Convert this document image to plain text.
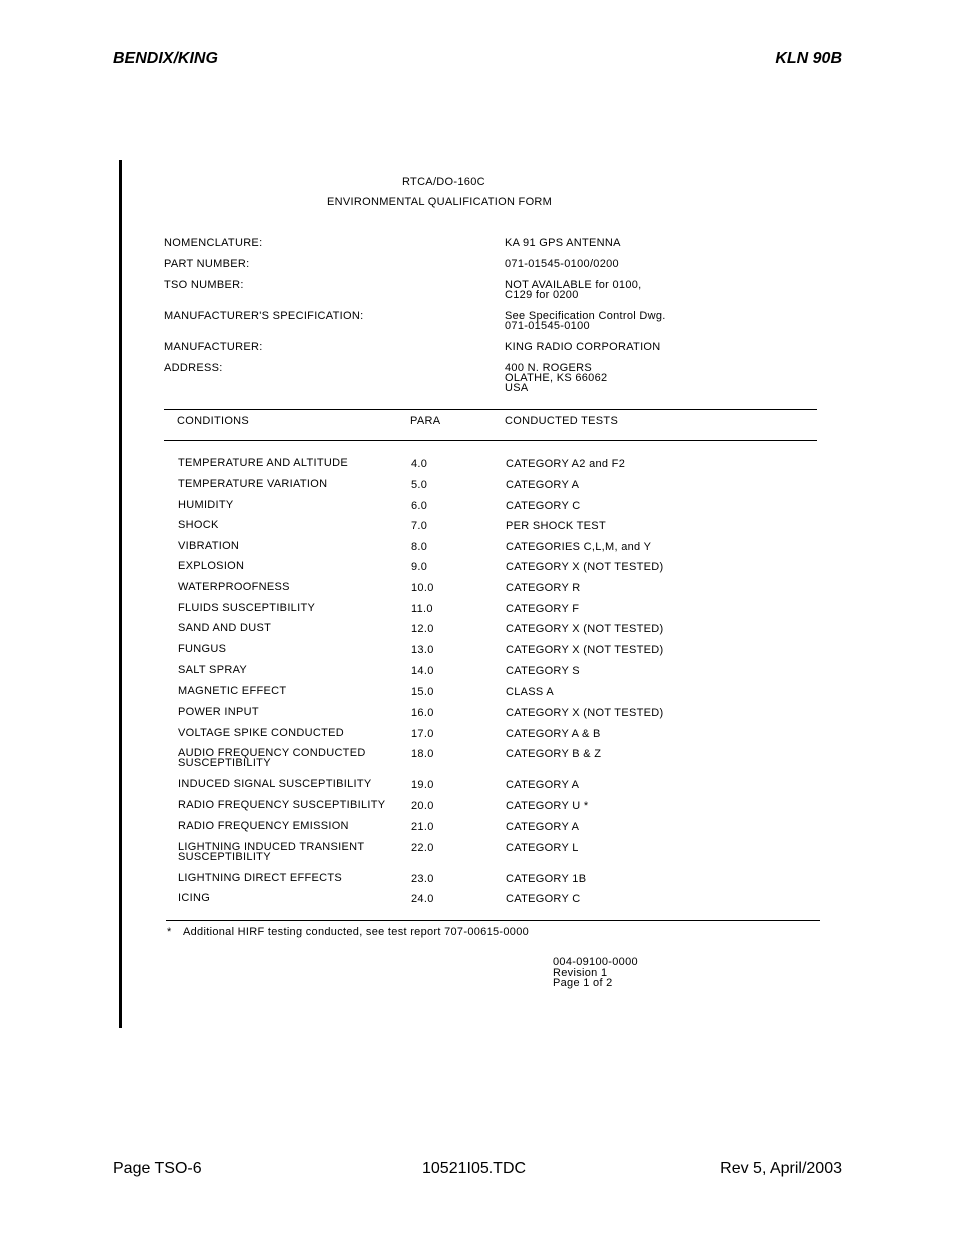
BENDIX/KING	KLN 90B
RTCA/DO-160C
ENVIRONMENTAL QUALIFICATION FORM
NOMENCLATURE:	KA 91 GPS ANTENNA
PART NUMBER:	071-01545-0100/0200
TSO NUMBER:	NOT AVAILABLE for 0100,
C129 for 0200
MANUFACTURER'S SPECIFICATION:	See Specification Control Dwg.
071-01545-0100
MANUFACTURER:	KING RADIO CORPORATION
ADDRESS:	400 N. ROGERS
OLATHE, KS 66062
USA
CONDITIONS	PARA	CONDUCTED TESTS
TEMPERATURE AND ALTITUDE	4.0	CATEGORY A2 and F2
TEMPERATURE VARIATION	5.0	CATEGORY A
HUMIDITY	6.0	CATEGORY C
SHOCK	7.0	PER SHOCK TEST
VIBRATION	8.0	CATEGORIES C,L,M, and Y
EXPLOSION	9.0	CATEGORY X (NOT TESTED)
WATERPROOFNESS	10.0	CATEGORY R
FLUIDS SUSCEPTIBILITY	11.0	CATEGORY F
SAND AND DUST	12.0	CATEGORY X (NOT TESTED)
FUNGUS	13.0	CATEGORY X (NOT TESTED)
SALT SPRAY	14.0	CATEGORY S
MAGNETIC EFFECT	15.0	CLASS A
POWER INPUT	16.0	CATEGORY X (NOT TESTED)
VOLTAGE SPIKE CONDUCTED	17.0	CATEGORY A & B
AUDIO FREQUENCY CONDUCTED
SUSCEPTIBILITY
18.0	CATEGORY B & Z
INDUCED SIGNAL SUSCEPTIBILITY	19.0	CATEGORY A
RADIO FREQUENCY SUSCEPTIBILITY 20.0	CATEGORY U *
RADIO FREQUENCY EMISSION	21.0	CATEGORY A
LIGHTNING INDUCED TRANSIENT
SUSCEPTIBILITY
22.0	CATEGORY L
LIGHTNING DIRECT EFFECTS	23.0	CATEGORY 1B
ICING	24.0	CATEGORY C
* Additional HIRF testing conducted, see test report 707-00615-0000
004-09100-0000
Revision 1
Page 1 of 2
Page TSO-6	10521I05.TDC	Rev 5, April/2003
